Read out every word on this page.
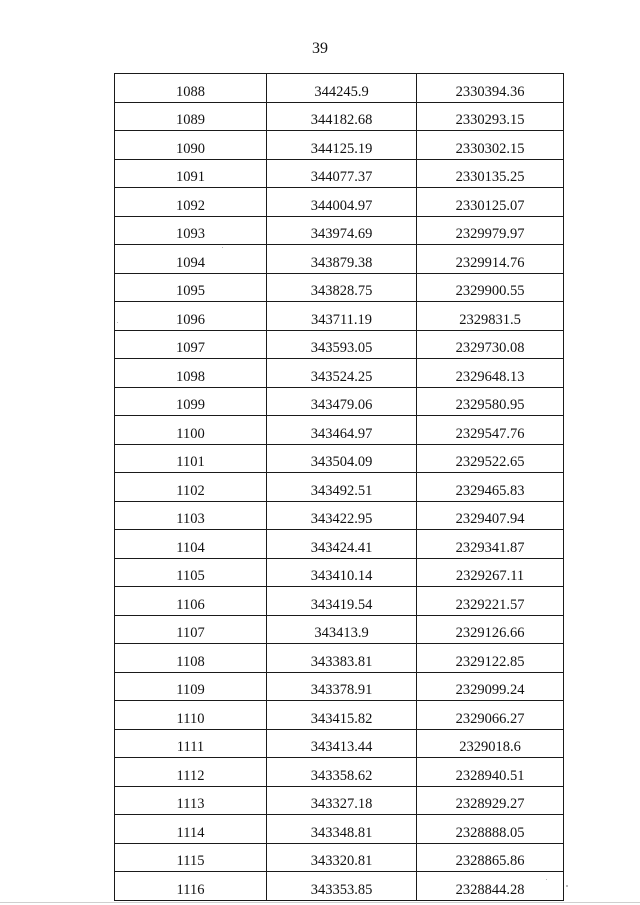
39
1088	344245.9	2330394.36
1089	344182.68	2330293.15
1090	344125.19	2330302.15
1091	344077.37	2330135.25
1092	344004.97	2330125.07
1093	343974.69	2329979.97
1094	343879.38	2329914.76
1095	343828.75	2329900.55
1096	343711.19	2329831.5
1097	343593.05	2329730.08
1098	343524.25	2329648.13
1099	343479.06	2329580.95
1100	343464.97	2329547.76
1101	343504.09	2329522.65
1102	343492.51	2329465.83
1103	343422.95	2329407.94
1104	343424.41	2329341.87
1105	343410.14	2329267.11
1106	343419.54	2329221.57
1107	343413.9	2329126.66
1108	343383.81	2329122.85
1109	343378.91	2329099.24
1110	343415.82	2329066.27
1111	343413.44	2329018.6
1112	343358.62	2328940.51
1113	343327.18	2328929.27
1114	343348.81	2328888.05
1115	343320.81	2328865.86
1116	343353.85	2328844.28
